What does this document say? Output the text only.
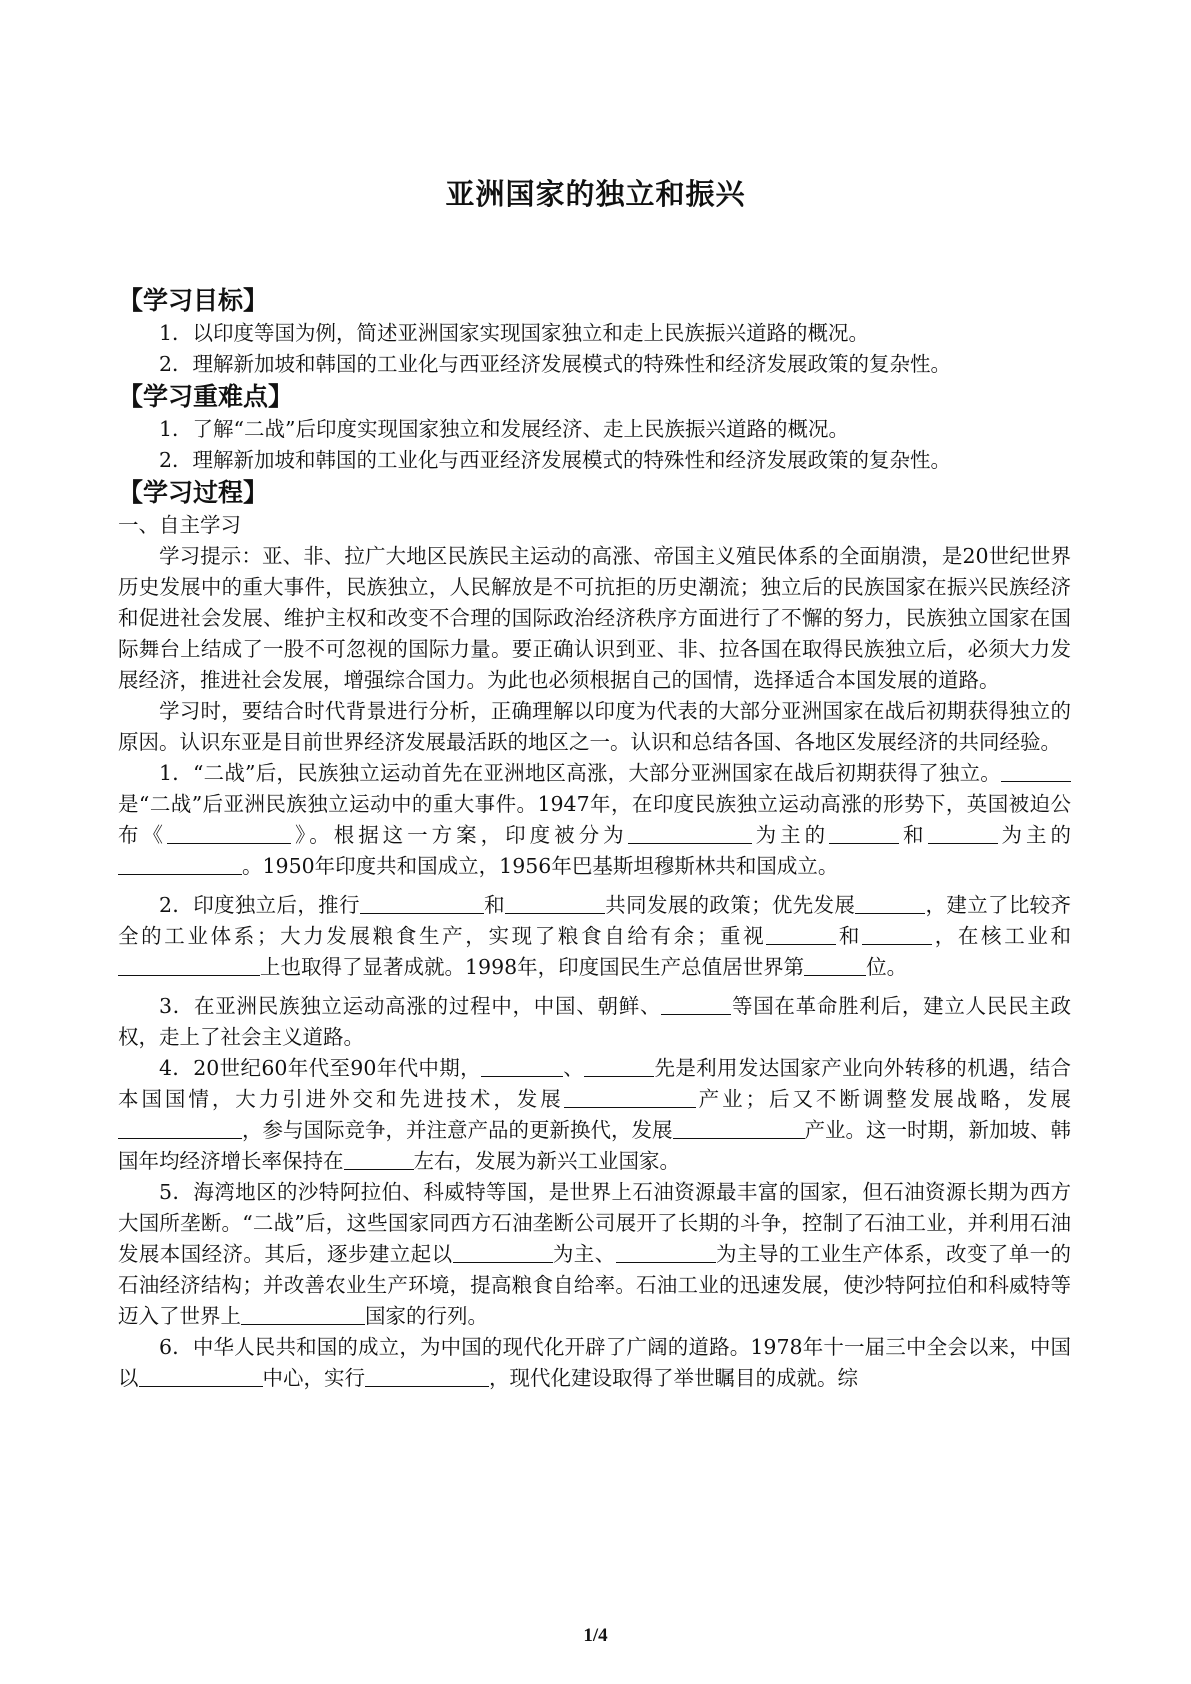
亚洲国家的独立和振兴
【学习目标】

1．以印度等国为例，简述亚洲国家实现国家独立和走上民族振兴道路的概况。

2．理解新加坡和韩国的工业化与西亚经济发展模式的特殊性和经济发展政策的复杂性。

【学习重难点】

1．了解“二战”后印度实现国家独立和发展经济、走上民族振兴道路的概况。

2．理解新加坡和韩国的工业化与西亚经济发展模式的特殊性和经济发展政策的复杂性。

【学习过程】

一、自主学习

学习提示：亚、非、拉广大地区民族民主运动的高涨、帝国主义殖民体系的全面崩溃，是20世纪世界历史发展中的重大事件，民族独立，人民解放是不可抗拒的历史潮流；独立后的民族国家在振兴民族经济和促进社会发展、维护主权和改变不合理的国际政治经济秩序方面进行了不懈的努力，民族独立国家在国际舞台上结成了一股不可忽视的国际力量。要正确认识到亚、非、拉各国在取得民族独立后，必须大力发展经济，推进社会发展，增强综合国力。为此也必须根据自己的国情，选择适合本国发展的道路。

学习时，要结合时代背景进行分析，正确理解以印度为代表的大部分亚洲国家在战后初期获得独立的原因。认识东亚是目前世界经济发展最活跃的地区之一。认识和总结各国、各地区发展经济的共同经验。

1．“二战”后，民族独立运动首先在亚洲地区高涨，大部分亚洲国家在战后初期获得了独立。是“二战”后亚洲民族独立运动中的重大事件。1947年，在印度民族独立运动高涨的形势下，英国被迫公布《	》。根据这一方案，印度被分为	为主的	和	为主的。1950年印度共和国成立，1956年巴基斯坦穆斯林共和国成立。

2．印度独立后，推行	和	共同发展的政策；优先发展	，建立了比较齐全的工业体系；大力发展粮食生产，实现了粮食自给有余；重视	和	，在核工业和上也取得了显著成就。1998年，印度国民生产总值居世界第	位。

3．在亚洲民族独立运动高涨的过程中，中国、朝鲜、	等国在革命胜利后，建立人民民主政权，走上了社会主义道路。

4．20世纪60年代至90年代中期，	、	先是利用发达国家产业向外转移的机遇，结合本国国情，大力引进外交和先进技术，发展	产业；后又不断调整发展战略，发展，参与国际竞争，并注意产品的更新换代，发展	产业。这一时期，新加坡、韩国年均经济增长率保持在	左右，发展为新兴工业国家。

5．海湾地区的沙特阿拉伯、科威特等国，是世界上石油资源最丰富的国家，但石油资源长期为西方大国所垄断。“二战”后，这些国家同西方石油垄断公司展开了长期的斗争，控制了石油工业，并利用石油发展本国经济。其后，逐步建立起以	为主、	为主导的工业生产体系，改变了单一的石油经济结构；并改善农业生产环境，提高粮食自给率。石油工业的迅速发展，使沙特阿拉伯和科威特等迈入了世界上	国家的行列。

6．中华人民共和国的成立，为中国的现代化开辟了广阔的道路。1978年十一届三中全会以来，中国以	中心，实行	，现代化建设取得了举世瞩目的成就。综

1/4
